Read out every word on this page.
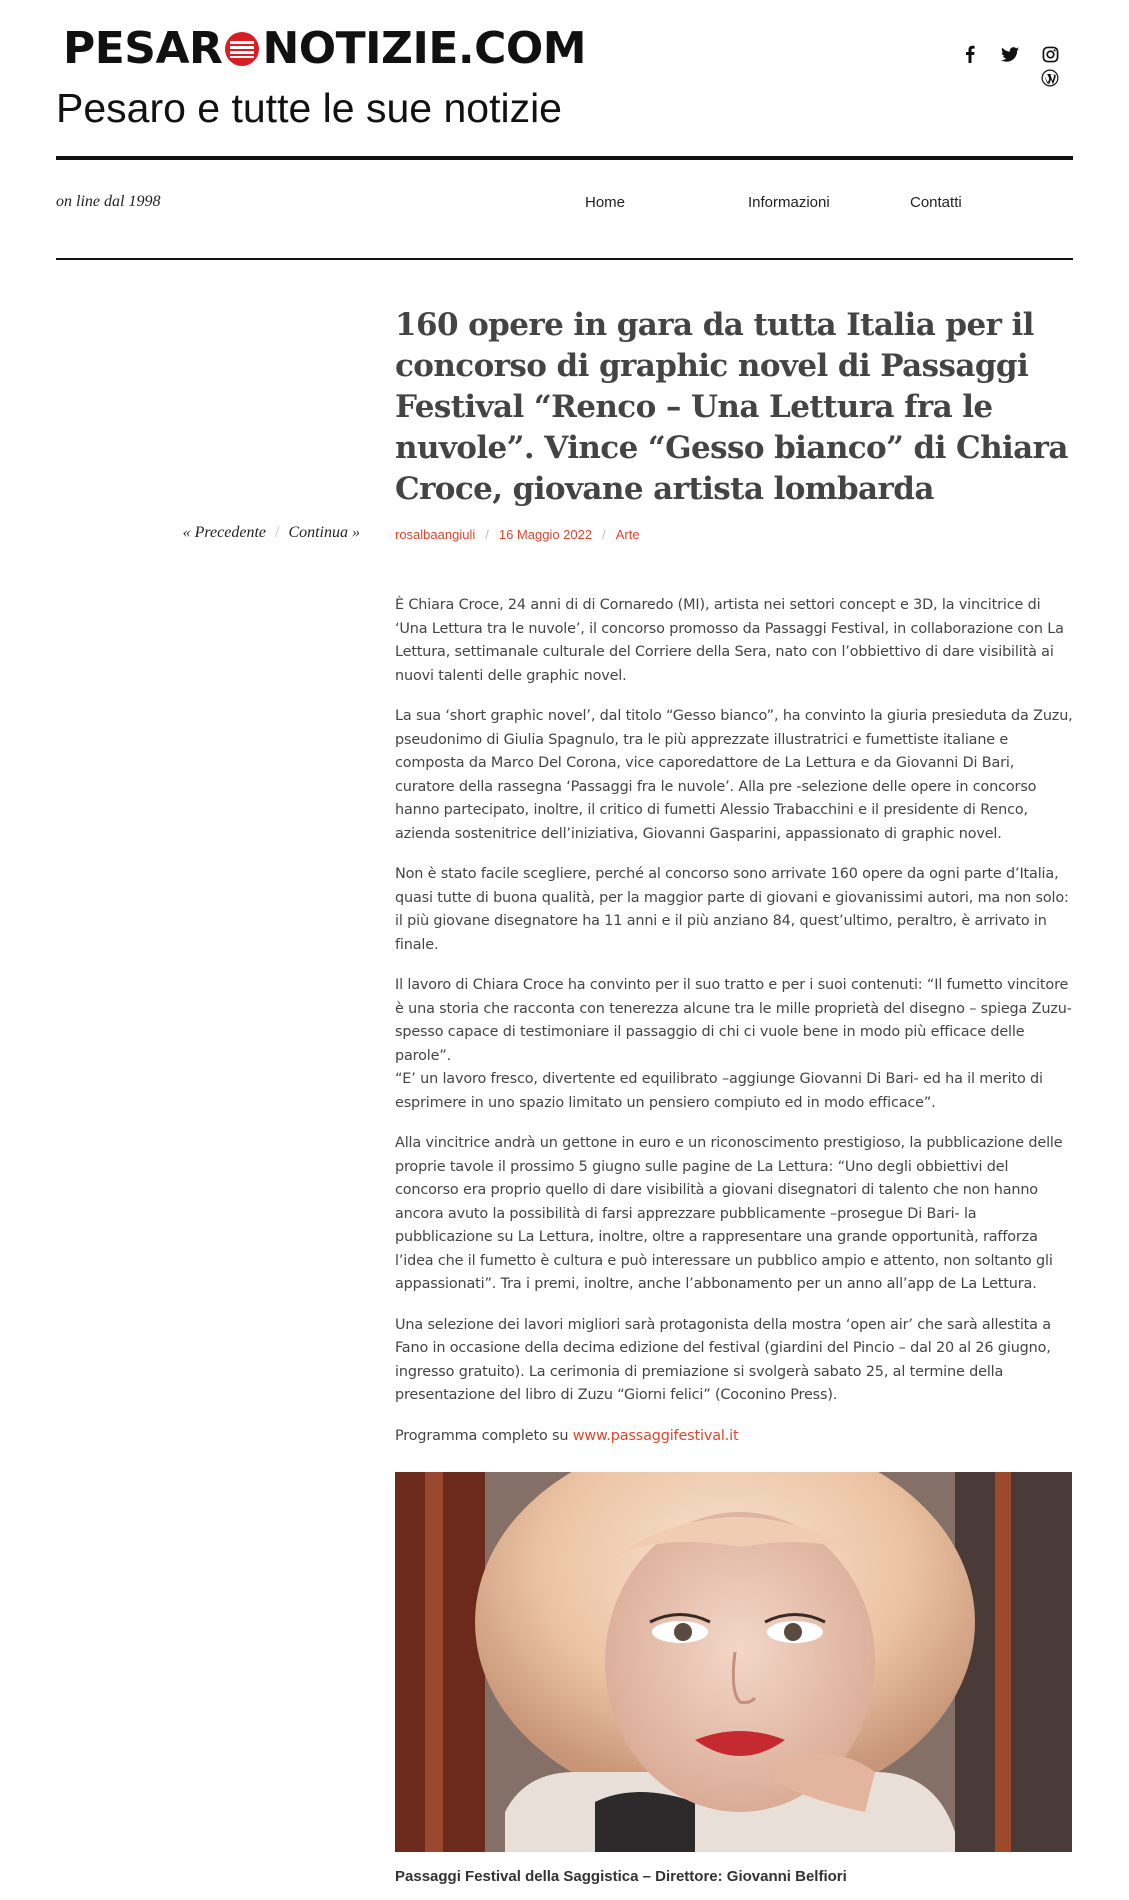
PESAR NOTIZIE.COM
Pesaro e tutte le sue notizie
on line dal 1998	Home	Informazioni	Contatti
« Precedente / Continua »
160 opere in gara da tutta Italia per il concorso di graphic novel di Passaggi Festival “Renco – Una Lettura fra le nuvole”. Vince “Gesso bianco” di Chiara Croce, giovane artista lombarda
rosalbaangiuli / 16 Maggio 2022 / Arte

È Chiara Croce, 24 anni di di Cornaredo (MI), artista nei settori concept e 3D, la vincitrice di ‘Una Lettura tra le nuvole’, il concorso promosso da Passaggi Festival, in collaborazione con La Lettura, settimanale culturale del Corriere della Sera, nato con l’obbiettivo di dare visibilità ai nuovi talenti delle graphic novel.

La sua ‘short graphic novel’, dal titolo “Gesso bianco”, ha convinto la giuria presieduta da Zuzu, pseudonimo di Giulia Spagnulo, tra le più apprezzate illustratrici e fumettiste italiane e composta da Marco Del Corona, vice caporedattore de La Lettura e da Giovanni Di Bari, curatore della rassegna ‘Passaggi fra le nuvole’. Alla pre -selezione delle opere in concorso hanno partecipato, inoltre, il critico di fumetti Alessio Trabacchini e il presidente di Renco, azienda sostenitrice dell’iniziativa, Giovanni Gasparini, appassionato di graphic novel.

Non è stato facile scegliere, perché al concorso sono arrivate 160 opere da ogni parte d’Italia, quasi tutte di buona qualità, per la maggior parte di giovani e giovanissimi autori, ma non solo: il più giovane disegnatore ha 11 anni e il più anziano 84, quest’ultimo, peraltro, è arrivato in finale.

Il lavoro di Chiara Croce ha convinto per il suo tratto e per i suoi contenuti: “Il fumetto vincitore è una storia che racconta con tenerezza alcune tra le mille proprietà del disegno – spiega Zuzu- spesso capace di testimoniare il passaggio di chi ci vuole bene in modo più efficace delle parole”.
“E’ un lavoro fresco, divertente ed equilibrato –aggiunge Giovanni Di Bari- ed ha il merito di esprimere in uno spazio limitato un pensiero compiuto ed in modo efficace”.

Alla vincitrice andrà un gettone in euro e un riconoscimento prestigioso, la pubblicazione delle proprie tavole il prossimo 5 giugno sulle pagine de La Lettura: “Uno degli obbiettivi del concorso era proprio quello di dare visibilità a giovani disegnatori di talento che non hanno ancora avuto la possibilità di farsi apprezzare pubblicamente –prosegue Di Bari- la pubblicazione su La Lettura, inoltre, oltre a rappresentare una grande opportunità, rafforza l’idea che il fumetto è cultura e può interessare un pubblico ampio e attento, non soltanto gli appassionati”. Tra i premi, inoltre, anche l’abbonamento per un anno all’app de La Lettura.

Una selezione dei lavori migliori sarà protagonista della mostra ‘open air’ che sarà allestita a Fano in occasione della decima edizione del festival (giardini del Pincio – dal 20 al 26 giugno, ingresso gratuito). La cerimonia di premiazione si svolgerà sabato 25, al termine della presentazione del libro di Zuzu “Giorni felici” (Coconino Press).

Programma completo su www.passaggifestival.it

Passaggi Festival della Saggistica – Direttore: Giovanni Belfiori
